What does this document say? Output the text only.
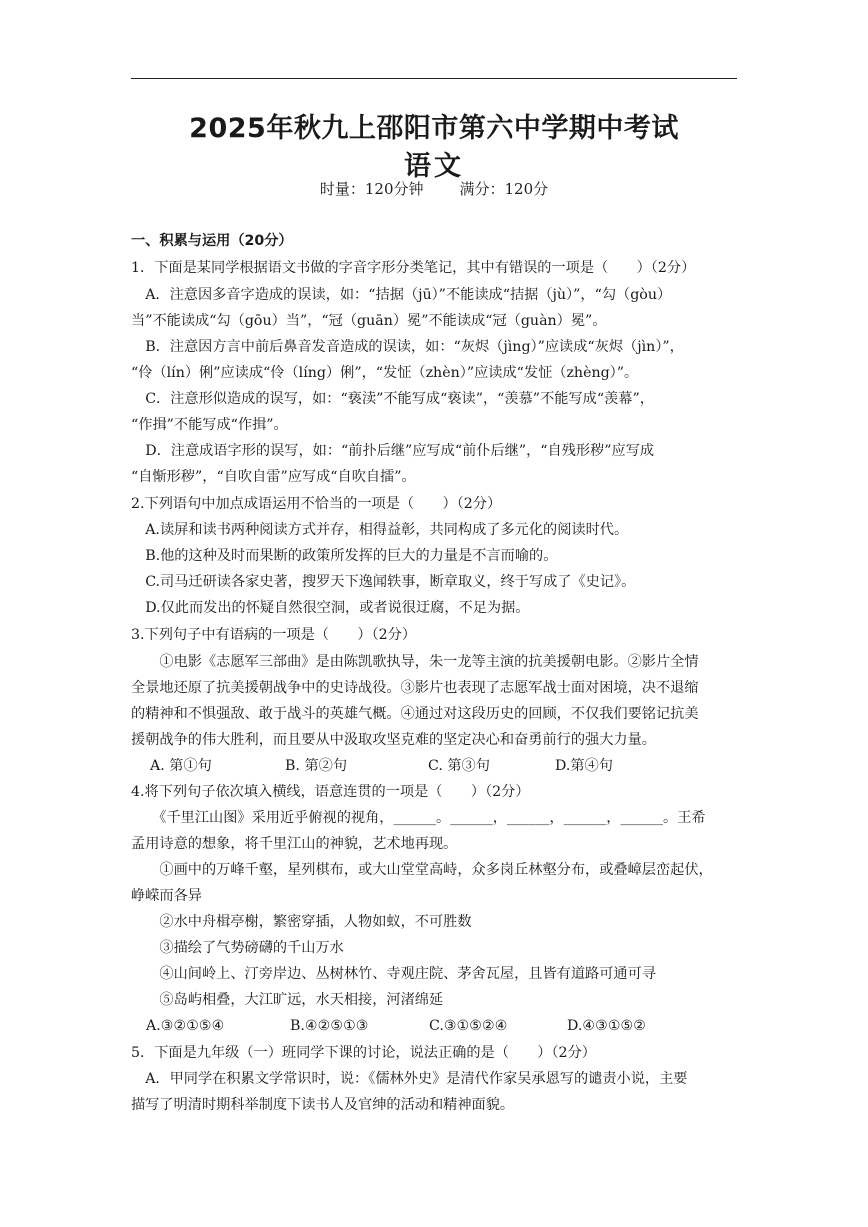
2025年秋九上邵阳市第六中学期中考试
语文
时量：120分钟 满分：120分
一、积累与运用（20分）
1．下面是某同学根据语文书做的字音字形分类笔记，其中有错误的一项是（　　）（2分）
　A．注意因多音字造成的误读，如：“拮据（jū）”不能读成“拮据（jù）”，“勾（gòu）
当”不能读成“勾（gōu）当”，“冠（guān）冕”不能读成“冠（guàn）冕”。
　B．注意因方言中前后鼻音发音造成的误读，如：“灰烬（jìng）”应读成“灰烬（jìn）”，
“伶（lín）俐”应读成“伶（líng）俐”，“发怔（zhèn）”应读成“发怔（zhèng）”。
　C．注意形似造成的误写，如：“亵渎”不能写成“亵读”，“羡慕”不能写成“羡幕”，
“作揖”不能写成“作揖”。
　D．注意成语字形的误写，如：“前扑后继”应写成“前仆后继”，“自残形秽”应写成
“自惭形秽”，“自吹自雷”应写成“自吹自擂”。
2.下列语句中加点成语运用不恰当的一项是（　　）（2分）
　A.读屏和读书两种阅读方式并存，相得益彰，共同构成了多元化的阅读时代。
　B.他的这种及时而果断的政策所发挥的巨大的力量是不言而喻的。
　C.司马迁研读各家史著，搜罗天下逸闻轶事，断章取义，终于写成了《史记》。
　D.仅此而发出的怀疑自然很空洞，或者说很迂腐，不足为据。
3.下列句子中有语病的一项是（　　）（2分）
　　①电影《志愿军三部曲》是由陈凯歌执导，朱一龙等主演的抗美援朝电影。②影片全情
全景地还原了抗美援朝战争中的史诗战役。③影片也表现了志愿军战士面对困境，决不退缩
的精神和不惧强敌、敢于战斗的英雄气概。④通过对这段历史的回顾，不仅我们要铭记抗美
援朝战争的伟大胜利，而且要从中汲取攻坚克难的坚定决心和奋勇前行的强大力量。
A. 第①句	B. 第②句	C. 第③句	D.第④句
4.将下列句子依次填入横线，语意连贯的一项是（　　）（2分）
　　《千里江山图》采用近乎俯视的视角，______。______，______，______，______。王希
孟用诗意的想象，将千里江山的神貌，艺术地再现。
　　①画中的万峰千壑，星列棋布，或大山堂堂高峙，众多岗丘林壑分布，或叠嶂层峦起伏，
峥嵘而各异
　　②水中舟楫亭榭，繁密穿插，人物如蚁，不可胜数
　　③描绘了气势磅礴的千山万水
　　④山间岭上、汀旁岸边、丛树林竹、寺观庄院、茅舍瓦屋，且皆有道路可通可寻
　　⑤岛屿相叠，大江旷远，水天相接，河渚绵延
A.③②①⑤④	B.④②⑤①③	C.③①⑤②④	D.④③①⑤②
5．下面是九年级（一）班同学下课的讨论，说法正确的是（　　）（2分）
　A．甲同学在积累文学常识时，说：《儒林外史》是清代作家吴承恩写的谴责小说，主要
描写了明清时期科举制度下读书人及官绅的活动和精神面貌。
